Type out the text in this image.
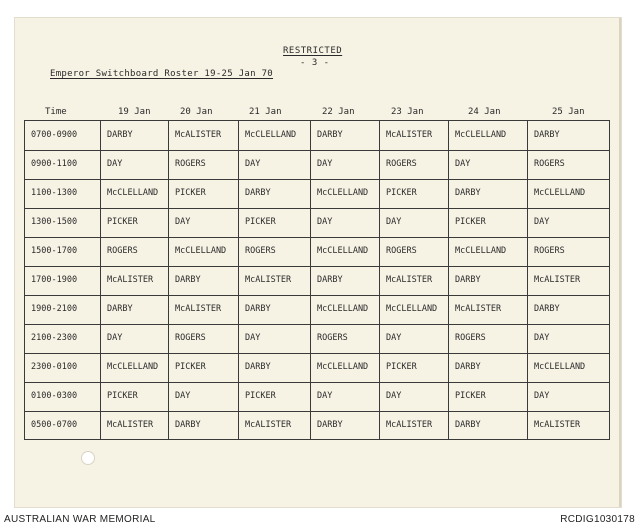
RESTRICTED
- 3 -
Emperor Switchboard Roster 19-25 Jan 70
Time	19 Jan	20 Jan	21 Jan	22 Jan	23 Jan	24 Jan	25 Jan
0700-0900	DARBY	McALISTER	McCLELLAND	DARBY	McALISTER	McCLELLAND	DARBY
0900-1100	DAY	ROGERS	DAY	DAY	ROGERS	DAY	ROGERS
1100-1300	McCLELLAND	PICKER	DARBY	McCLELLAND	PICKER	DARBY	McCLELLAND
1300-1500	PICKER	DAY	PICKER	DAY	DAY	PICKER	DAY
1500-1700	ROGERS	McCLELLAND	ROGERS	McCLELLAND	ROGERS	McCLELLAND	ROGERS
1700-1900	McALISTER	DARBY	McALISTER	DARBY	McALISTER	DARBY	McALISTER
1900-2100	DARBY	McALISTER	DARBY	McCLELLAND	McCLELLAND	McALISTER	DARBY
2100-2300	DAY	ROGERS	DAY	ROGERS	DAY	ROGERS	DAY
2300-0100	McCLELLAND	PICKER	DARBY	McCLELLAND	PICKER	DARBY	McCLELLAND
0100-0300	PICKER	DAY	PICKER	DAY	DAY	PICKER	DAY
0500-0700	McALISTER	DARBY	McALISTER	DARBY	McALISTER	DARBY	McALISTER
AUSTRALIAN WAR MEMORIAL	RCDIG1030178
